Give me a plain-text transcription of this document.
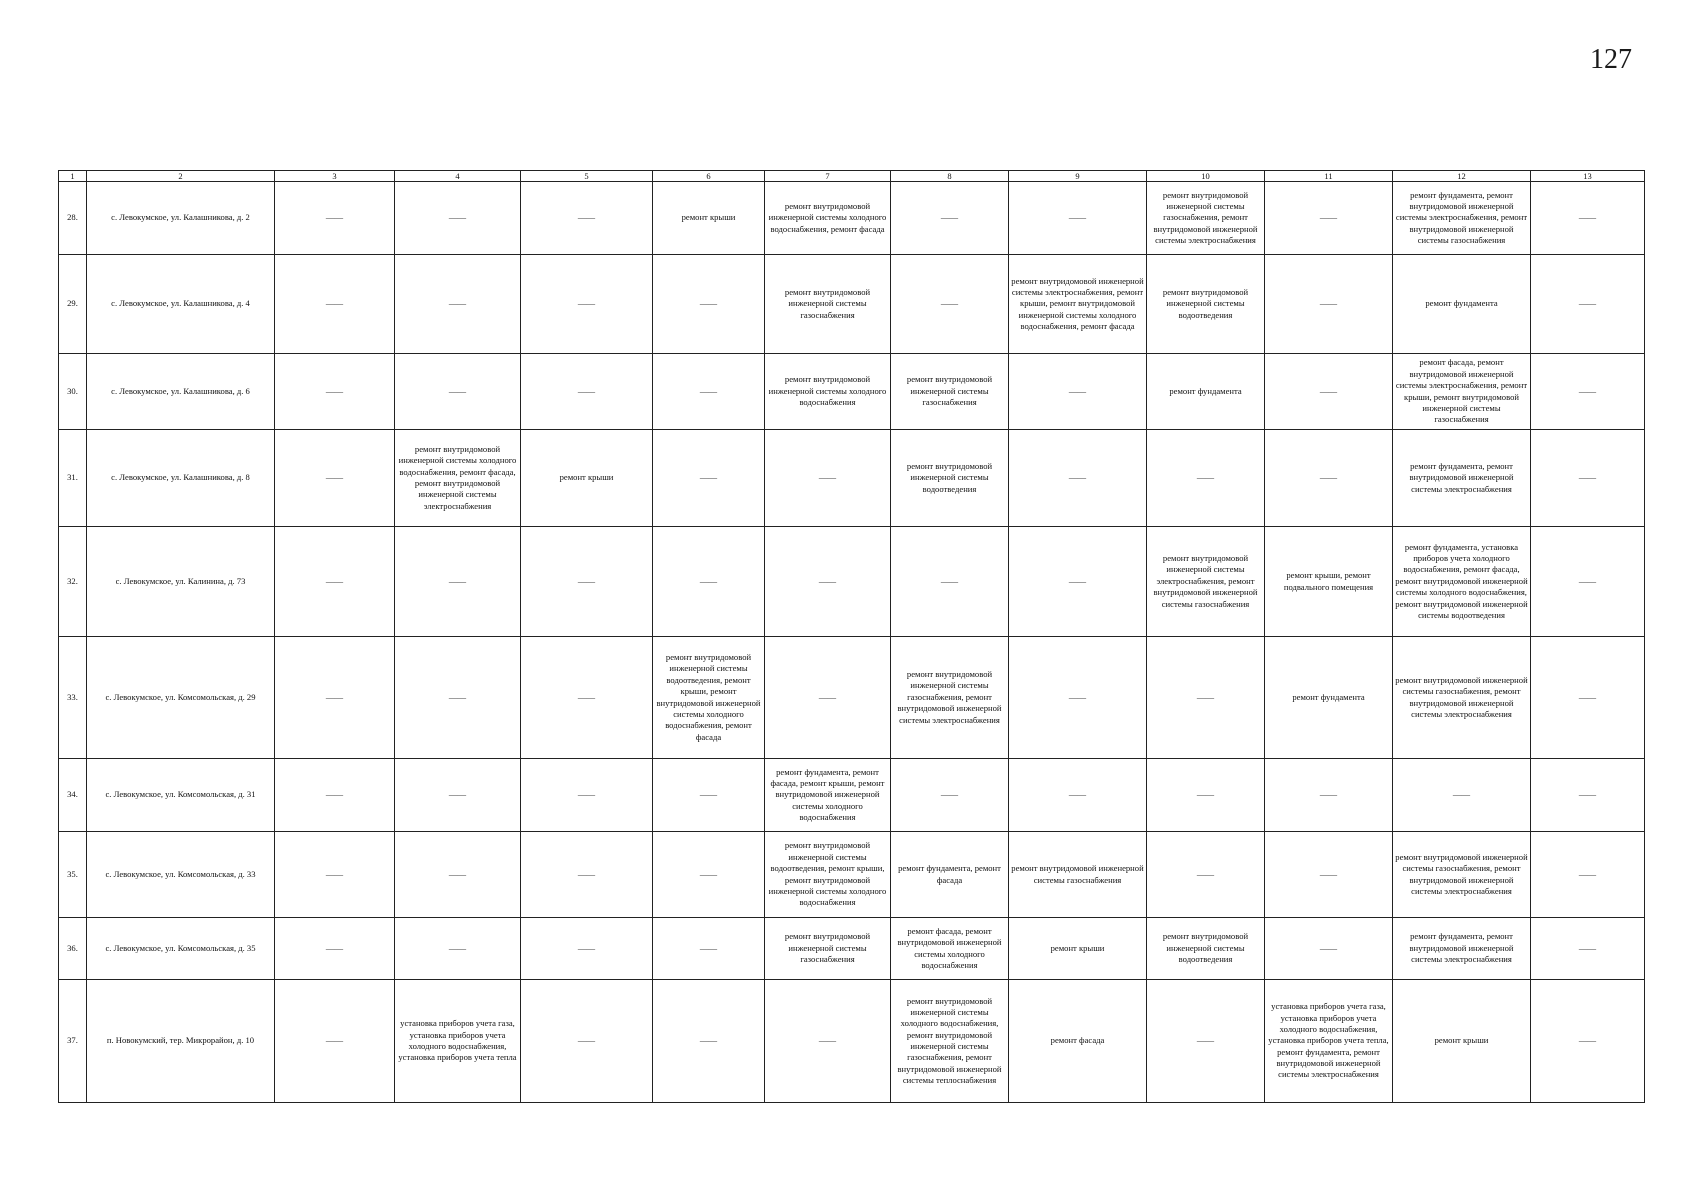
127
1	2	3	4	5	6	7	8	9	10	11	12	13
28.	с. Левокумское, ул. Калашникова, д. 2	——	——	——	ремонт крыши	ремонт внутридомовой инженерной системы холодного водоснабжения, ремонт фасада	——	——	ремонт внутридомовой инженерной системы газоснабжения, ремонт внутридомовой инженерной системы электроснабжения	——	ремонт фундамента, ремонт внутридомовой инженерной системы электроснабжения, ремонт внутридомовой инженерной системы газоснабжения	——
29.	с. Левокумское, ул. Калашникова, д. 4	——	——	——	——	ремонт внутридомовой инженерной системы газоснабжения	——	ремонт внутридомовой инженерной системы электроснабжения, ремонт крыши, ремонт внутридомовой инженерной системы холодного водоснабжения, ремонт фасада	ремонт внутридомовой инженерной системы водоотведения	——	ремонт фундамента	——
30.	с. Левокумское, ул. Калашникова, д. 6	——	——	——	——	ремонт внутридомовой инженерной системы холодного водоснабжения	ремонт внутридомовой инженерной системы газоснабжения	——	ремонт фундамента	——	ремонт фасада, ремонт внутридомовой инженерной системы электроснабжения, ремонт крыши, ремонт внутридомовой инженерной системы газоснабжения	——
31.	с. Левокумское, ул. Калашникова, д. 8	——	ремонт внутридомовой инженерной системы холодного водоснабжения, ремонт фасада, ремонт внутридомовой инженерной системы электроснабжения	ремонт крыши	——	——	ремонт внутридомовой инженерной системы водоотведения	——	——	——	ремонт фундамента, ремонт внутридомовой инженерной системы электроснабжения	——
32.	с. Левокумское, ул. Калинина, д. 73	——	——	——	——	——	——	——	ремонт внутридомовой инженерной системы электроснабжения, ремонт внутридомовой инженерной системы газоснабжения	ремонт крыши, ремонт подвального помещения	ремонт фундамента, установка приборов учета холодного водоснабжения, ремонт фасада, ремонт внутридомовой инженерной системы холодного водоснабжения, ремонт внутридомовой инженерной системы водоотведения	——
33.	с. Левокумское, ул. Комсомольская, д. 29	——	——	——	ремонт внутридомовой инженерной системы водоотведения, ремонт крыши, ремонт внутридомовой инженерной системы холодного водоснабжения, ремонт фасада	——	ремонт внутридомовой инженерной системы газоснабжения, ремонт внутридомовой инженерной системы электроснабжения	——	——	ремонт фундамента	ремонт внутридомовой инженерной системы газоснабжения, ремонт внутридомовой инженерной системы электроснабжения	——
34.	с. Левокумское, ул. Комсомольская, д. 31	——	——	——	——	ремонт фундамента, ремонт фасада, ремонт крыши, ремонт внутридомовой инженерной системы холодного водоснабжения	——	——	——	——	——	——
35.	с. Левокумское, ул. Комсомольская, д. 33	——	——	——	——	ремонт внутридомовой инженерной системы водоотведения, ремонт крыши, ремонт внутридомовой инженерной системы холодного водоснабжения	ремонт фундамента, ремонт фасада	ремонт внутридомовой инженерной системы газоснабжения	——	——	ремонт внутридомовой инженерной системы газоснабжения, ремонт внутридомовой инженерной системы электроснабжения	——
36.	с. Левокумское, ул. Комсомольская, д. 35	——	——	——	——	ремонт внутридомовой инженерной системы газоснабжения	ремонт фасада, ремонт внутридомовой инженерной системы холодного водоснабжения	ремонт крыши	ремонт внутридомовой инженерной системы водоотведения	——	ремонт фундамента, ремонт внутридомовой инженерной системы электроснабжения	——
37.	п. Новокумский, тер. Микрорайон, д. 10	——	установка приборов учета газа, установка приборов учета холодного водоснабжения, установка приборов учета тепла	——	——	——	ремонт внутридомовой инженерной системы холодного водоснабжения, ремонт внутридомовой инженерной системы газоснабжения, ремонт внутридомовой инженерной системы теплоснабжения	ремонт фасада	——	установка приборов учета газа, установка приборов учета холодного водоснабжения, установка приборов учета тепла, ремонт фундамента, ремонт внутридомовой инженерной системы электроснабжения	ремонт крыши	——
